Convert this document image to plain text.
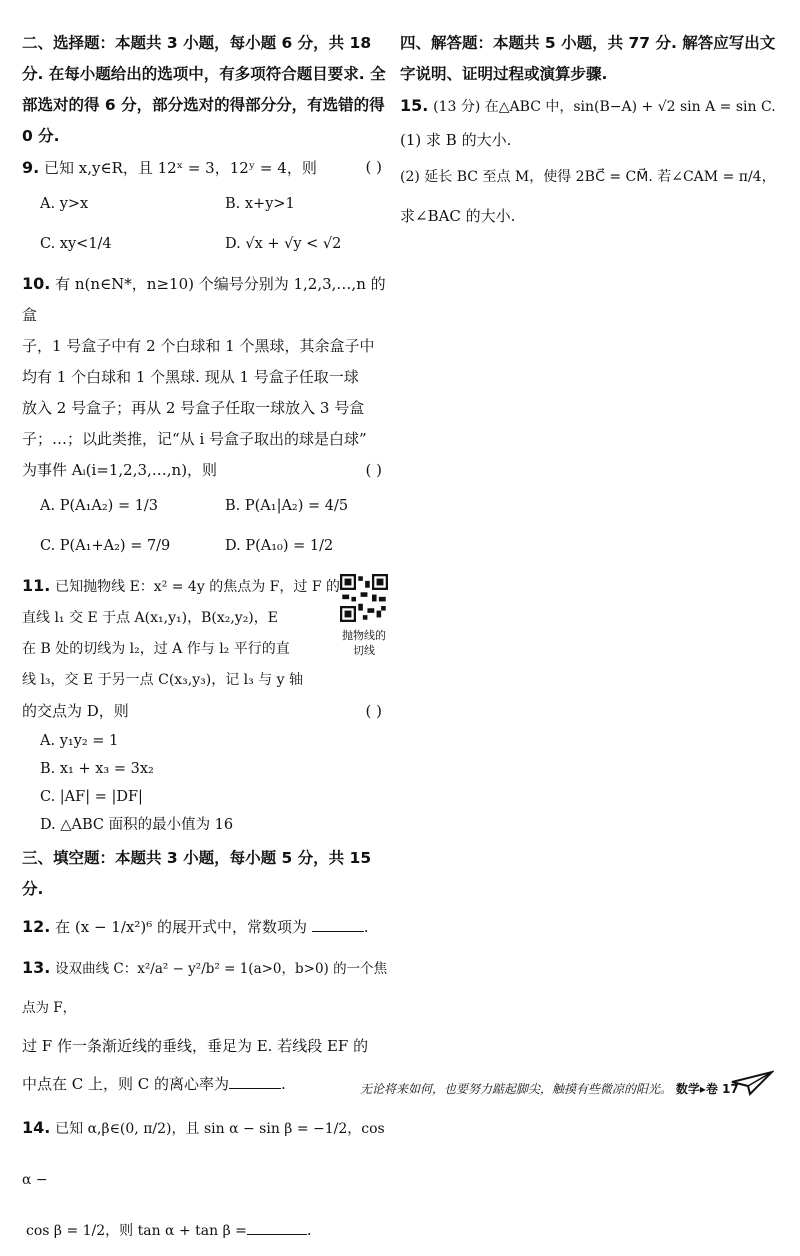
二、选择题：本题共 3 小题，每小题 6 分，共 18 分. 在每小题给出的选项中，有多项符合题目要求. 全部选对的得 6 分，部分选对的得部分分，有选错的得 0 分.

9. 已知 x,y∈R，且 12ˣ = 3，12ʸ = 4，则	( )
A. y>x	B. x+y>1
C. xy<1/4	D. √x + √y < √2
10. 有 n(n∈N*，n≥10) 个编号分别为 1,2,3,…,n 的盒
子，1 号盒子中有 2 个白球和 1 个黑球，其余盒子中
均有 1 个白球和 1 个黑球. 现从 1 号盒子任取一球
放入 2 号盒子；再从 2 号盒子任取一球放入 3 号盒
子；…；以此类推，记“从 i 号盒子取出的球是白球”
为事件 Aᵢ(i=1,2,3,…,n)，则	( )
A. P(A₁A₂) = 1/3	B. P(A₁|A₂) = 4/5
C. P(A₁+A₂) = 7/9	D. P(A₁₀) = 1/2
抛物线的
切线
11. 已知抛物线 E：x² = 4y 的焦点为 F，过 F 的
直线 l₁ 交 E 于点 A(x₁,y₁)，B(x₂,y₂)，E
在 B 处的切线为 l₂，过 A 作与 l₂ 平行的直
线 l₃，交 E 于另一点 C(x₃,y₃)，记 l₃ 与 y 轴
的交点为 D，则	( )
A. y₁y₂ = 1
B. x₁ + x₃ = 3x₂
C. |AF| = |DF|
D. △ABC 面积的最小值为 16

三、填空题：本题共 3 小题，每小题 5 分，共 15 分.

12. 在 (x − 1/x²)⁶ 的展开式中，常数项为	.
13. 设双曲线 C：x²/a² − y²/b² = 1(a>0，b>0) 的一个焦点为 F，
过 F 作一条渐近线的垂线，垂足为 E. 若线段 EF 的
中点在 C 上，则 C 的离心率为	.
14. 已知 α,β∈(0, π/2)，且 sin α − sin β = −1/2，cos α −
cos β = 1/2，则 tan α + tan β =	.

四、解答题：本题共 5 小题，共 77 分. 解答应写出文字说明、证明过程或演算步骤.

15. (13 分) 在△ABC 中，sin(B−A) + √2 sin A = sin C.
(1) 求 B 的大小.
(2) 延长 BC 至点 M，使得 2BC⃗ = CM⃗. 若∠CAM = π/4，
求∠BAC 的大小.
无论将来如何，也要努力踮起脚尖，触摸有些微凉的阳光。 数学▸卷 17
